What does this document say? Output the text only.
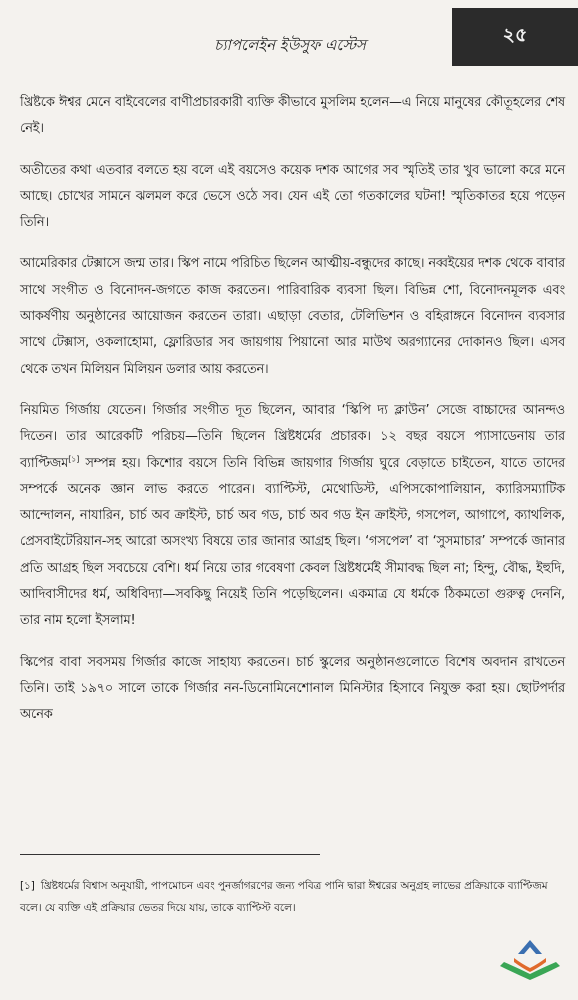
চ্যাপলেইন ইউসুফ এস্টেস	২৫

খ্রিষ্টকে ঈশ্বর মেনে বাইবেলের বাণীপ্রচারকারী ব্যক্তি কীভাবে মুসলিম হলেন—এ নিয়ে মানুষের কৌতূহলের শেষ নেই।

অতীতের কথা এতবার বলতে হয় বলে এই বয়সেও কয়েক দশক আগের সব স্মৃতিই তার খুব ভালো করে মনে আছে। চোখের সামনে ঝলমল করে ভেসে ওঠে সব। যেন এই তো গতকালের ঘটনা! স্মৃতিকাতর হয়ে পড়েন তিনি।

আমেরিকার টেক্সাসে জন্ম তার। স্কিপ নামে পরিচিত ছিলেন আত্মীয়-বন্ধুদের কাছে। নব্বইয়ের দশক থেকে বাবার সাথে সংগীত ও বিনোদন-জগতে কাজ করতেন। পারিবারিক ব্যবসা ছিল। বিভিন্ন শো, বিনোদনমূলক এবং আকর্ষণীয় অনুষ্ঠানের আয়োজন করতেন তারা। এছাড়া বেতার, টেলিভিশন ও বহিরাঙ্গনে বিনোদন ব্যবসার সাথে টেক্সাস, ওকলাহোমা, ফ্লোরিডার সব জায়গায় পিয়ানো আর মাউথ অরগ্যানের দোকানও ছিল। এসব থেকে তখন মিলিয়ন মিলিয়ন ডলার আয় করতেন।

নিয়মিত গির্জায় যেতেন। গির্জার সংগীত দূত ছিলেন, আবার ‘স্কিপি দ্য ক্লাউন’ সেজে বাচ্চাদের আনন্দও দিতেন। তার আরেকটি পরিচয়—তিনি ছিলেন খ্রিষ্টধর্মের প্রচারক। ১২ বছর বয়সে প্যাসাডেনায় তার ব্যাপ্টিজম[১] সম্পন্ন হয়। কিশোর বয়সে তিনি বিভিন্ন জায়গার গির্জায় ঘুরে বেড়াতে চাইতেন, যাতে তাদের সম্পর্কে অনেক জ্ঞান লাভ করতে পারেন। ব্যাপ্টিস্ট, মেথোডিস্ট, এপিসকোপালিয়ান, ক্যারিসম্যাটিক আন্দোলন, নাযারিন, চার্চ অব ক্রাইস্ট, চার্চ অব গড, চার্চ অব গড ইন ক্রাইস্ট, গসপেল, আগাপে, ক্যাথলিক, প্রেসবাইটেরিয়ান-সহ আরো অসংখ্য বিষয়ে তার জানার আগ্রহ ছিল। ‘গসপেল’ বা ‘সুসমাচার’ সম্পর্কে জানার প্রতি আগ্রহ ছিল সবচেয়ে বেশি। ধর্ম নিয়ে তার গবেষণা কেবল খ্রিষ্টধর্মেই সীমাবদ্ধ ছিল না; হিন্দু, বৌদ্ধ, ইহুদি, আদিবাসীদের ধর্ম, অধিবিদ্যা—সবকিছু নিয়েই তিনি পড়েছিলেন। একমাত্র যে ধর্মকে ঠিকমতো গুরুত্ব দেননি, তার নাম হলো ইসলাম!

স্কিপের বাবা সবসময় গির্জার কাজে সাহায্য করতেন। চার্চ স্কুলের অনুষ্ঠানগুলোতে বিশেষ অবদান রাখতেন তিনি। তাই ১৯৭০ সালে তাকে গির্জার নন-ডিনোমিনেশোনাল মিনিস্টার হিসাবে নিযুক্ত করা হয়। ছোটপর্দার অনেক

[১] খ্রিষ্টধর্মের বিশ্বাস অনুযায়ী, পাপমোচন এবং পুনর্জাগরণের জন্য পবিত্র পানি দ্বারা ঈশ্বরের অনুগ্রহ লাভের প্রক্রিয়াকে ব্যাপ্টিজম বলে। যে ব্যক্তি এই প্রক্রিয়ার ভেতর দিয়ে যায়, তাকে ব্যাপ্টিস্ট বলে।
